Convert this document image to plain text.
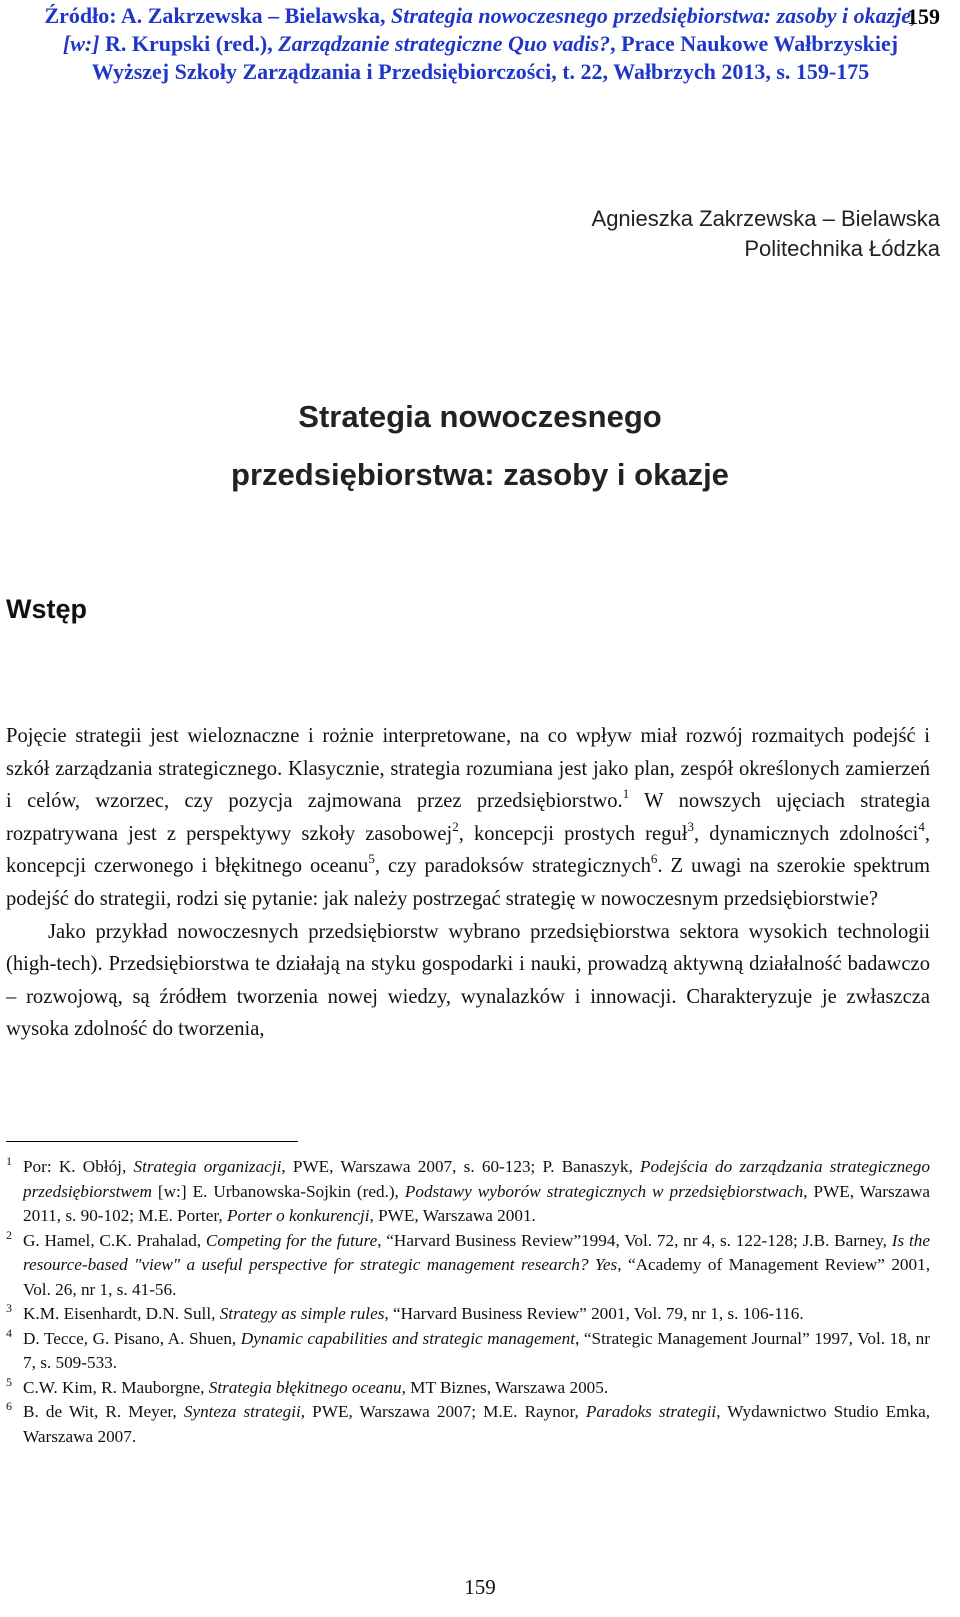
Źródło: A. Zakrzewska – Bielawska, Strategia nowoczesnego przedsiębiorstwa: zasoby i okazje, [w:] R. Krupski (red.), Zarządzanie strategiczne Quo vadis?, Prace Naukowe Wałbrzyskiej Wyższej Szkoły Zarządzania i Przedsiębiorczości, t. 22, Wałbrzych 2013, s. 159-175
159
Agnieszka Zakrzewska – Bielawska
Politechnika Łódzka
Strategia nowoczesnego
przedsiębiorstwa: zasoby i okazje
Wstęp

Pojęcie strategii jest wieloznaczne i rożnie interpretowane, na co wpływ miał rozwój rozmaitych podejść i szkół zarządzania strategicznego. Klasycznie, strategia rozumiana jest jako plan, zespół określonych zamierzeń i celów, wzorzec, czy pozycja zajmowana przez przedsiębiorstwo.$^1$ W nowszych ujęciach strategia rozpatrywana jest z perspektywy szkoły zasobowej$^2$, koncepcji prostych reguł$^3$, dynamicznych zdolności$^4$, koncepcji czerwonego i błękitnego oceanu$^5$, czy paradoksów strategicznych$^6$. Z uwagi na szerokie spektrum podejść do strategii, rodzi się pytanie: jak należy postrzegać strategię w nowoczesnym przedsiębiorstwie?

Jako przykład nowoczesnych przedsiębiorstw wybrano przedsiębiorstwa sektora wysokich technologii (high-tech). Przedsiębiorstwa te działają na styku gospodarki i nauki, prowadzą aktywną działalność badawczo – rozwojową, są źródłem tworzenia nowej wiedzy, wynalazków i innowacji. Charakteryzuje je zwłaszcza wysoka zdolność do tworzenia,

1 Por: K. Obłój, Strategia organizacji, PWE, Warszawa 2007, s. 60-123; P. Banaszyk, Podejścia do zarządzania strategicznego przedsiębiorstwem [w:] E. Urbanowska-Sojkin (red.), Podstawy wyborów strategicznych w przedsiębiorstwach, PWE, Warszawa 2011, s. 90-102; M.E. Porter, Porter o konkurencji, PWE, Warszawa 2001.

2 G. Hamel, C.K. Prahalad, Competing for the future, “Harvard Business Review”1994, Vol. 72, nr 4, s. 122-128; J.B. Barney, Is the resource-based "view" a useful perspective for strategic management research? Yes, “Academy of Management Review” 2001, Vol. 26, nr 1, s. 41-56.

3 K.M. Eisenhardt, D.N. Sull, Strategy as simple rules, “Harvard Business Review” 2001, Vol. 79, nr 1, s. 106-116.

4 D. Tecce, G. Pisano, A. Shuen, Dynamic capabilities and strategic management, “Strategic Management Journal” 1997, Vol. 18, nr 7, s. 509-533.

5 C.W. Kim, R. Mauborgne, Strategia błękitnego oceanu, MT Biznes, Warszawa 2005.

6 B. de Wit, R. Meyer, Synteza strategii, PWE, Warszawa 2007; M.E. Raynor, Paradoks strategii, Wydawnictwo Studio Emka, Warszawa 2007.

159
